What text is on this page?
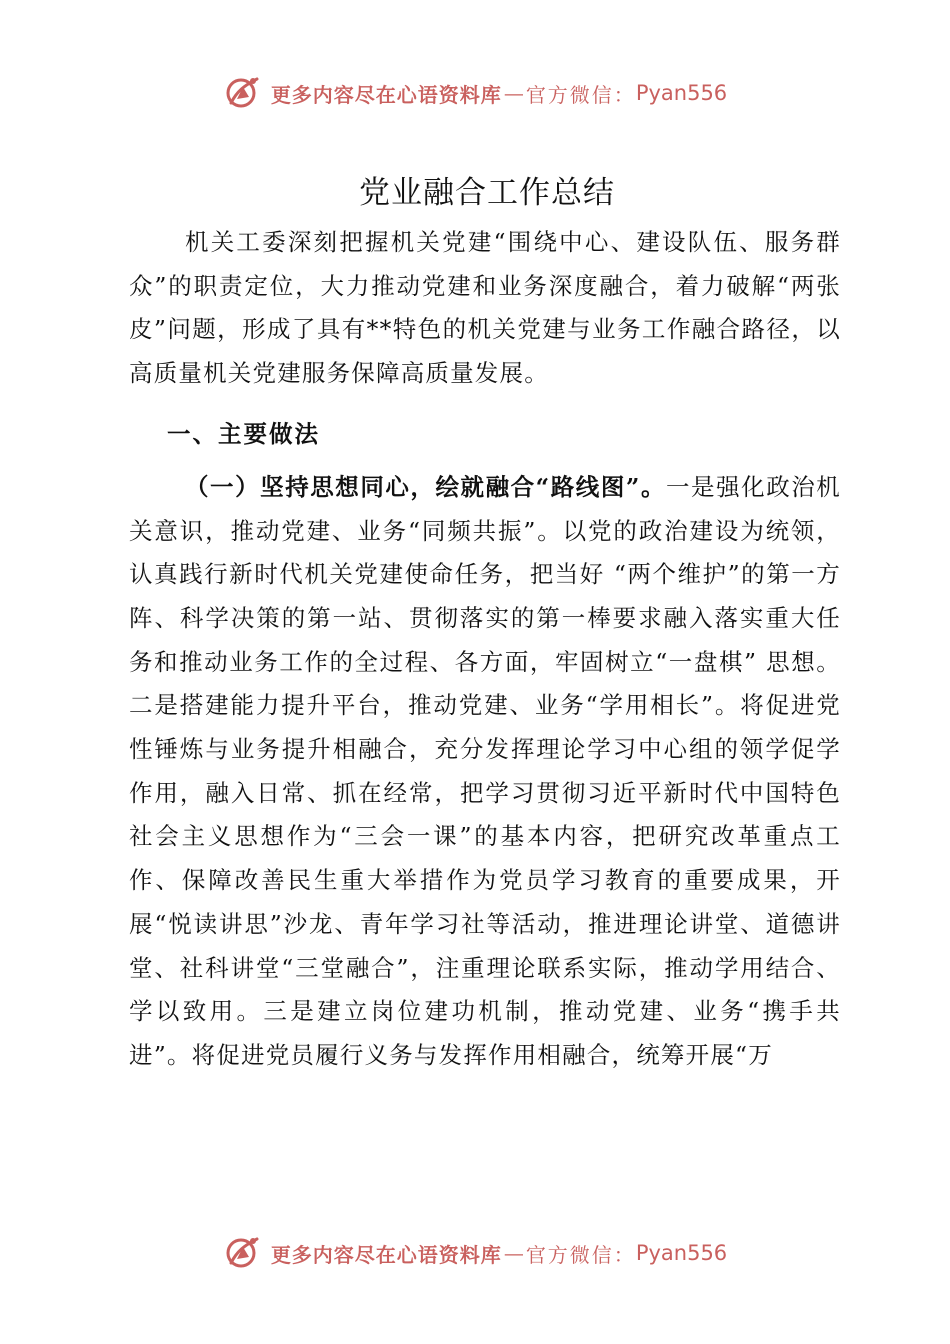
更多内容尽在心语资料库 — 官方微信： Pyan556
党业融合工作总结

机关工委深刻把握机关党建“围绕中心、建设队伍、服务群众”的职责定位，大力推动党建和业务深度融合，着力破解“两张皮”问题，形成了具有**特色的机关党建与业务工作融合路径，以高质量机关党建服务保障高质量发展。

一、主要做法

（一）坚持思想同心，绘就融合“路线图”。一是强化政治机关意识，推动党建、业务“同频共振”。以党的政治建设为统领，认真践行新时代机关党建使命任务，把当好 “两个维护”的第一方阵、科学决策的第一站、贯彻落实的第一棒要求融入落实重大任务和推动业务工作的全过程、各方面，牢固树立“一盘棋” 思想。二是搭建能力提升平台，推动党建、业务“学用相长”。将促进党性锤炼与业务提升相融合，充分发挥理论学习中心组的领学促学作用，融入日常、抓在经常，把学习贯彻习近平新时代中国特色社会主义思想作为“三会一课”的基本内容，把研究改革重点工作、保障改善民生重大举措作为党员学习教育的重要成果，开展“悦读讲思”沙龙、青年学习社等活动，推进理论讲堂、道德讲堂、社科讲堂“三堂融合”，注重理论联系实际，推动学用结合、学以致用。三是建立岗位建功机制，推动党建、业务“携手共进”。将促进党员履行义务与发挥作用相融合，统筹开展“万

更多内容尽在心语资料库 — 官方微信： Pyan556
